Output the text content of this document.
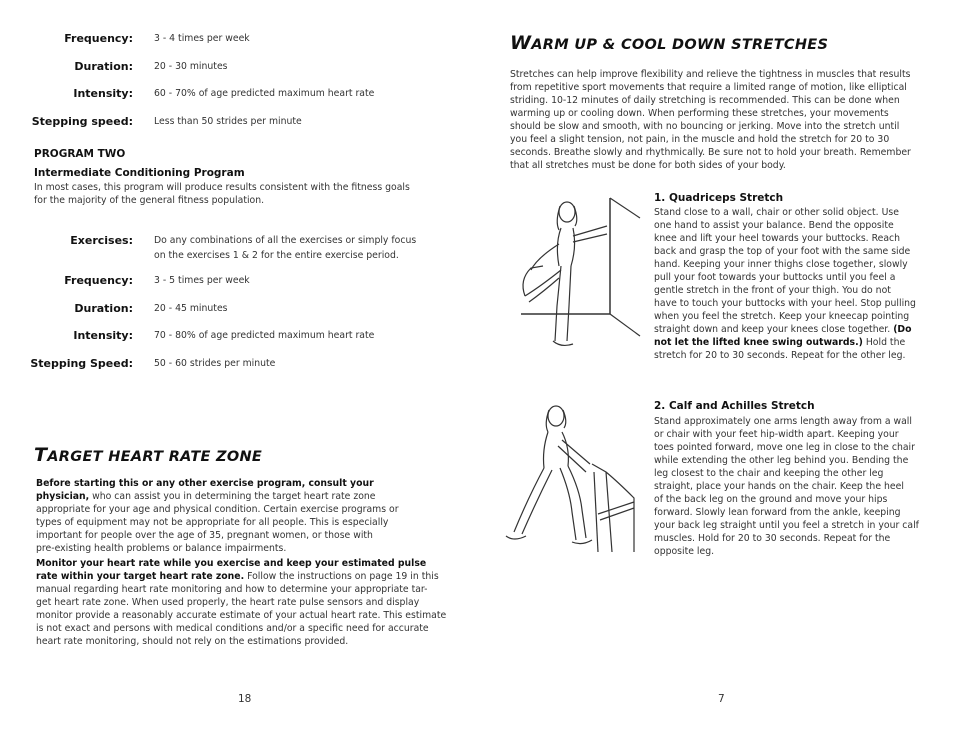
Frequency: 3 - 4 times per week
Duration: 20 - 30 minutes
Intensity: 60 - 70% of age predicted maximum heart rate
Stepping speed: Less than 50 strides per minute
PROGRAM TWO
Intermediate Conditioning Program
In most cases, this program will produce results consistent with the fitness goals
for the majority of the general fitness population.
Exercises: Do any combinations of all the exercises or simply focus
on the exercises 1 & 2 for the entire exercise period.
Frequency: 3 - 5 times per week
Duration: 20 - 45 minutes
Intensity: 70 - 80% of age predicted maximum heart rate
Stepping Speed: 50 - 60 strides per minute
TARGET HEART RATE ZONE
Before starting this or any other exercise program, consult your
physician, who can assist you in determining the target heart rate zone
appropriate for your age and physical condition. Certain exercise programs or
types of equipment may not be appropriate for all people. This is especially
important for people over the age of 35, pregnant women, or those with
pre-existing health problems or balance impairments.
Monitor your heart rate while you exercise and keep your estimated pulse
rate within your target heart rate zone. Follow the instructions on page 19 in this
manual regarding heart rate monitoring and how to determine your appropriate tar-
get heart rate zone. When used properly, the heart rate pulse sensors and display
monitor provide a reasonably accurate estimate of your actual heart rate. This estimate
is not exact and persons with medical conditions and/or a specific need for accurate
heart rate monitoring, should not rely on the estimations provided.
18
WARM UP & COOL DOWN STRETCHES
Stretches can help improve flexibility and relieve the tightness in muscles that results
from repetitive sport movements that require a limited range of motion, like elliptical
striding. 10-12 minutes of daily stretching is recommended. This can be done when
warming up or cooling down. When performing these stretches, your movements
should be slow and smooth, with no bouncing or jerking. Move into the stretch until
you feel a slight tension, not pain, in the muscle and hold the stretch for 20 to 30
seconds. Breathe slowly and rhythmically. Be sure not to hold your breath. Remember
that all stretches must be done for both sides of your body.
1. Quadriceps Stretch
Stand close to a wall, chair or other solid object. Use
one hand to assist your balance. Bend the opposite
knee and lift your heel towards your buttocks. Reach
back and grasp the top of your foot with the same side
hand. Keeping your inner thighs close together, slowly
pull your foot towards your buttocks until you feel a
gentle stretch in the front of your thigh. You do not
have to touch your buttocks with your heel. Stop pulling
when you feel the stretch. Keep your kneecap pointing
straight down and keep your knees close together. (Do
not let the lifted knee swing outwards.) Hold the
stretch for 20 to 30 seconds. Repeat for the other leg.
2. Calf and Achilles Stretch
Stand approximately one arms length away from a wall
or chair with your feet hip-width apart. Keeping your
toes pointed forward, move one leg in close to the chair
while extending the other leg behind you. Bending the
leg closest to the chair and keeping the other leg
straight, place your hands on the chair. Keep the heel
of the back leg on the ground and move your hips
forward. Slowly lean forward from the ankle, keeping
your back leg straight until you feel a stretch in your calf
muscles. Hold for 20 to 30 seconds. Repeat for the
opposite leg.
7
